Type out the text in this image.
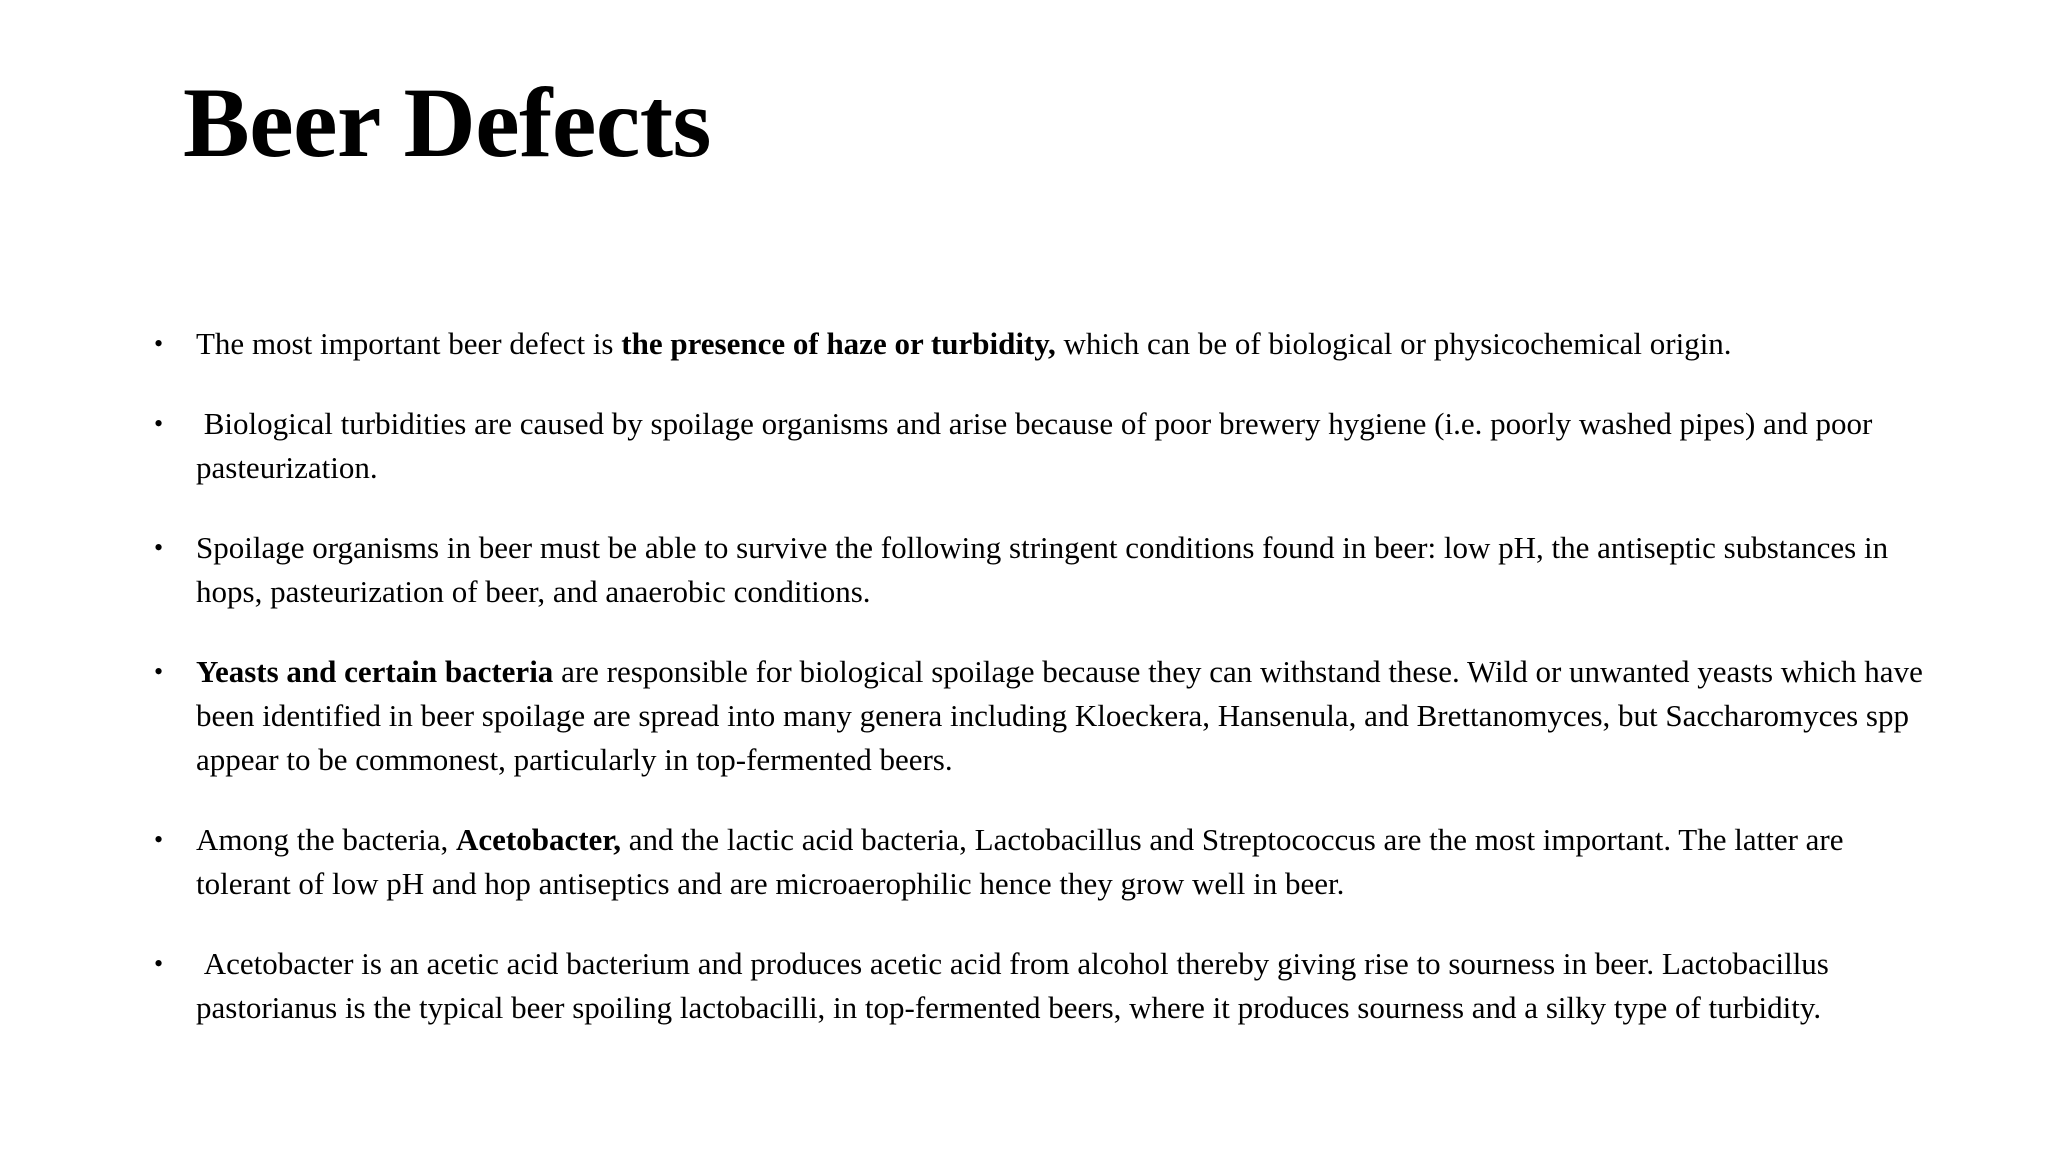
Beer Defects
•	The most important beer defect is the presence of haze or turbidity, which can be of biological or physicochemical origin.
•	Biological turbidities are caused by spoilage organisms and arise because of poor brewery hygiene (i.e. poorly washed pipes) and poor pasteurization.
•	Spoilage organisms in beer must be able to survive the following stringent conditions found in beer: low pH, the antiseptic substances in hops, pasteurization of beer, and anaerobic conditions.
•	Yeasts and certain bacteria are responsible for biological spoilage because they can withstand these. Wild or unwanted yeasts which have been identified in beer spoilage are spread into many genera including Kloeckera, Hansenula, and Brettanomyces, but Saccharomyces spp appear to be commonest, particularly in top-fermented beers.
•	Among the bacteria, Acetobacter, and the lactic acid bacteria, Lactobacillus and Streptococcus are the most important. The latter are tolerant of low pH and hop antiseptics and are microaerophilic hence they grow well in beer.
•	Acetobacter is an acetic acid bacterium and produces acetic acid from alcohol thereby giving rise to sourness in beer. Lactobacillus pastorianus is the typical beer spoiling lactobacilli, in top-fermented beers, where it produces sourness and a silky type of turbidity.
